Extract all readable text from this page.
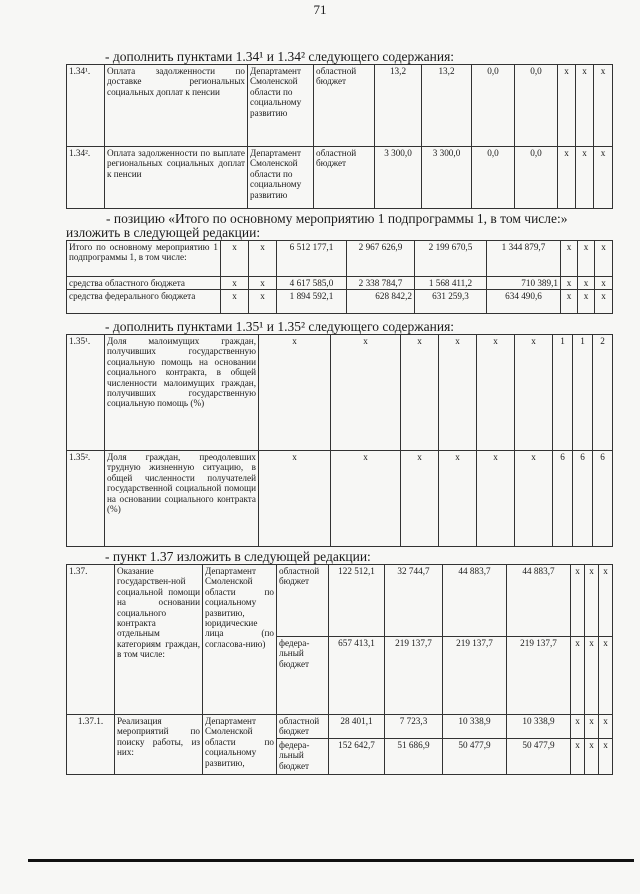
71
- дополнить пунктами 1.34¹ и 1.34² следующего содержания:
1.34¹.	Оплата задолженности по доставке региональных социальных доплат к пенсии	Департамент Смоленской области по социальному развитию	областной бюджет	13,2	13,2	0,0	0,0	x	x	x
1.34².	Оплата задолженности по выплате региональных социальных доплат к пенсии	Департамент Смоленской области по социальному развитию	областной бюджет	3 300,0	3 300,0	0,0	0,0	x	x	x
- позицию «Итого по основному мероприятию 1 подпрограммы 1, в том числе:» изложить в следующей редакции:
Итого по основному мероприятию 1 подпрограммы 1, в том числе:	x	x	6 512 177,1	2 967 626,9	2 199 670,5	1 344 879,7	x	x	x
средства областного бюджета	x	x	4 617 585,0	2 338 784,7	1 568 411,2	710 389,1	x	x	x
средства федерального бюджета	x	x	1 894 592,1	628 842,2	631 259,3	634 490,6	x	x	x
- дополнить пунктами 1.35¹ и 1.35² следующего содержания:
1.35¹.	Доля малоимущих граждан, получивших государственную социальную помощь на основании социального контракта, в общей численности малоимущих граждан, получивших государственную социальную помощь (%)	x	x	x	x	x	x	1	1	2
1.35².	Доля граждан, преодолевших трудную жизненную ситуацию, в общей численности получателей государственной социальной помощи на основании социального контракта (%)	x	x	x	x	x	x	6	6	6
- пункт 1.37 изложить в следующей редакции:
1.37.	Оказание государствен-ной социальной помощи на основании социального контракта отдельным категориям граждан, в том числе:	Департамент Смоленской области по социальному развитию, юридические лица (по согласова-нию)	областной бюджет	122 512,1	32 744,7	44 883,7	44 883,7	x	x	x
			федера-льный бюджет	657 413,1	219 137,7	219 137,7	219 137,7	x	x	x
1.37.1.	Реализация мероприятий по поиску работы, из них:	Департамент Смоленской области по социальному развитию,	областной бюджет	28 401,1	7 723,3	10 338,9	10 338,9	x	x	x
			федера-льный бюджет	152 642,7	51 686,9	50 477,9	50 477,9	x	x	x
